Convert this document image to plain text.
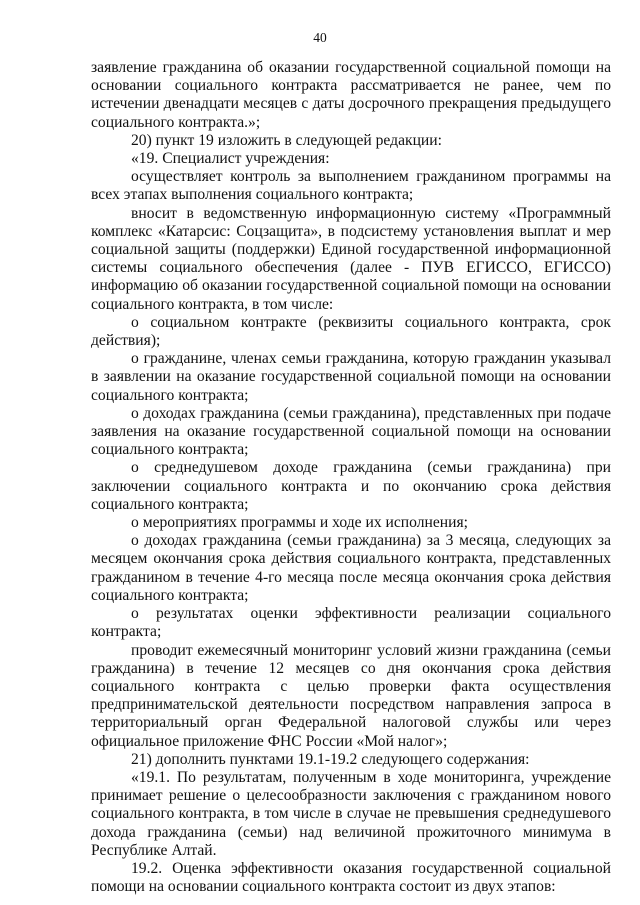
40

заявление гражданина об оказании государственной социальной помощи на основании социального контракта рассматривается не ранее, чем по истечении двенадцати месяцев с даты досрочного прекращения предыдущего социального контракта.»;

20) пункт 19 изложить в следующей редакции:

«19. Специалист учреждения:

осуществляет контроль за выполнением гражданином программы на всех этапах выполнения социального контракта;

вносит в ведомственную информационную систему «Программный комплекс «Катарсис: Соцзащита», в подсистему установления выплат и мер социальной защиты (поддержки) Единой государственной информационной системы социального обеспечения (далее - ПУВ ЕГИССО, ЕГИССО) информацию об оказании государственной социальной помощи на основании социального контракта, в том числе:

о социальном контракте (реквизиты социального контракта, срок действия);

о гражданине, членах семьи гражданина, которую гражданин указывал в заявлении на оказание государственной социальной помощи на основании социального контракта;

о доходах гражданина (семьи гражданина), представленных при подаче заявления на оказание государственной социальной помощи на основании социального контракта;

о среднедушевом доходе гражданина (семьи гражданина) при заключении социального контракта и по окончанию срока действия социального контракта;

о мероприятиях программы и ходе их исполнения;

о доходах гражданина (семьи гражданина) за 3 месяца, следующих за месяцем окончания срока действия социального контракта, представленных гражданином в течение 4-го месяца после месяца окончания срока действия социального контракта;

о результатах оценки эффективности реализации социального контракта;

проводит ежемесячный мониторинг условий жизни гражданина (семьи гражданина) в течение 12 месяцев со дня окончания срока действия социального контракта с целью проверки факта осуществления предпринимательской деятельности посредством направления запроса в территориальный орган Федеральной налоговой службы или через официальное приложение ФНС России «Мой налог»;

21) дополнить пунктами 19.1-19.2 следующего содержания:

«19.1. По результатам, полученным в ходе мониторинга, учреждение принимает решение о целесообразности заключения с гражданином нового социального контракта, в том числе в случае не превышения среднедушевого дохода гражданина (семьи) над величиной прожиточного минимума в Республике Алтай.

19.2. Оценка эффективности оказания государственной социальной помощи на основании социального контракта состоит из двух этапов:
